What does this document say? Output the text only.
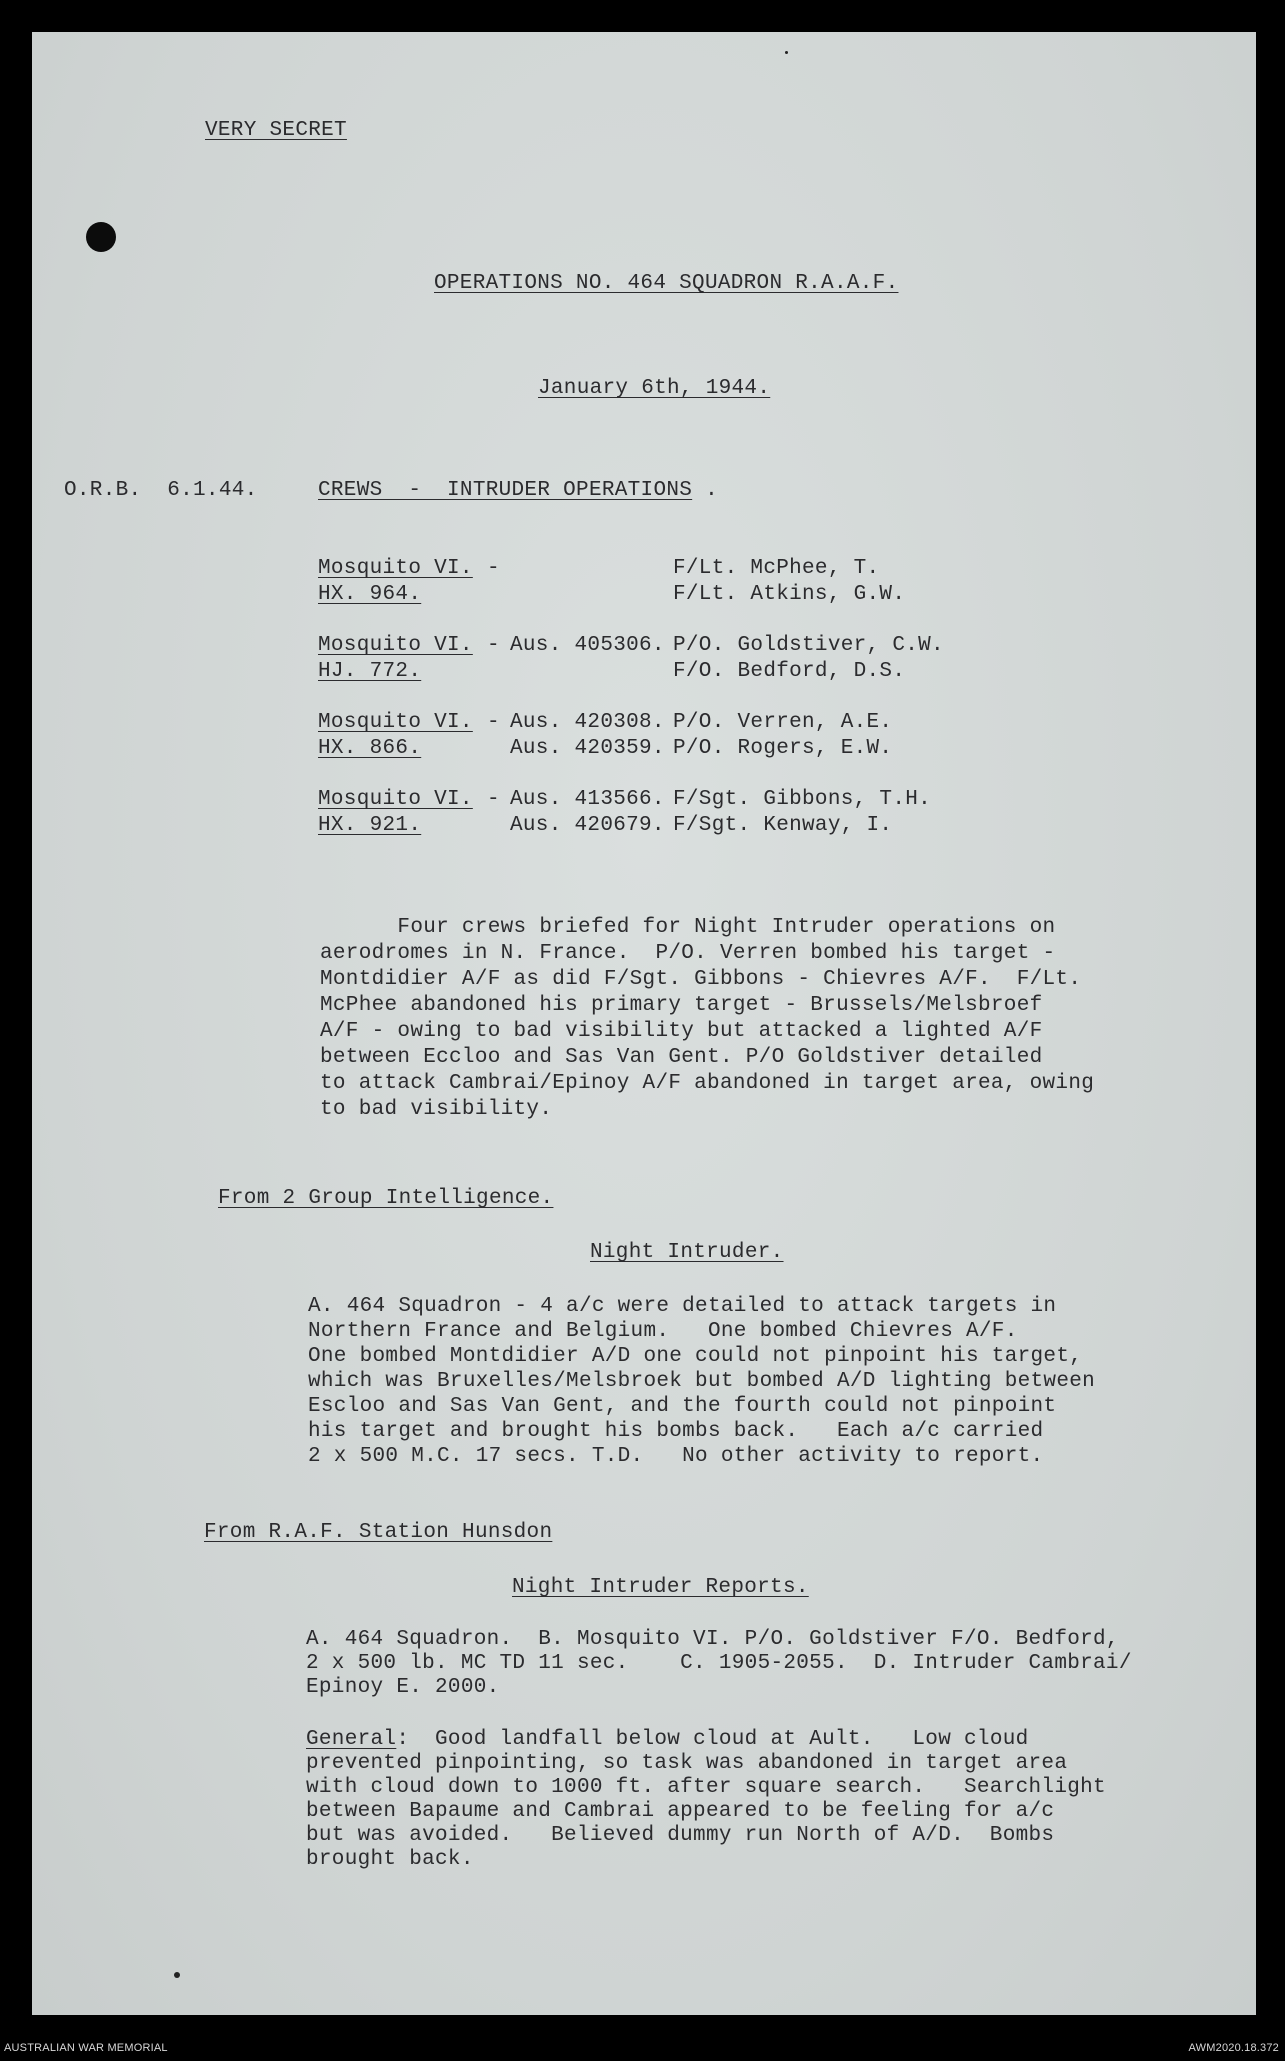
VERY SECRET
OPERATIONS NO. 464 SQUADRON R.A.A.F.
January 6th, 1944.
O.R.B.  6.1.44.	CREWS  -  INTRUDER OPERATIONS .
Mosquito VI. -	F/Lt. McPhee, T.
HX. 964.	F/Lt. Atkins, G.W.
Mosquito VI. - Aus. 405306. P/O. Goldstiver, C.W.
HJ. 772.	F/O. Bedford, D.S.
Mosquito VI. - Aus. 420308. P/O. Verren, A.E.
HX. 866.	Aus. 420359. P/O. Rogers, E.W.
Mosquito VI. - Aus. 413566. F/Sgt. Gibbons, T.H.
HX. 921.	Aus. 420679. F/Sgt. Kenway, I.
Four crews briefed for Night Intruder operations on
aerodromes in N. France.  P/O. Verren bombed his target -
Montdidier A/F as did F/Sgt. Gibbons - Chievres A/F.  F/Lt.
McPhee abandoned his primary target - Brussels/Melsbroef
A/F - owing to bad visibility but attacked a lighted A/F
between Eccloo and Sas Van Gent. P/O Goldstiver detailed
to attack Cambrai/Epinoy A/F abandoned in target area, owing
to bad visibility.
From 2 Group Intelligence.
Night Intruder.
A. 464 Squadron - 4 a/c were detailed to attack targets in
Northern France and Belgium.   One bombed Chievres A/F.
One bombed Montdidier A/D one could not pinpoint his target,
which was Bruxelles/Melsbroek but bombed A/D lighting between
Escloo and Sas Van Gent, and the fourth could not pinpoint
his target and brought his bombs back.   Each a/c carried
2 x 500 M.C. 17 secs. T.D.   No other activity to report.
From R.A.F. Station Hunsdon
Night Intruder Reports.
A. 464 Squadron.  B. Mosquito VI. P/O. Goldstiver F/O. Bedford,
2 x 500 lb. MC TD 11 sec.    C. 1905-2055.  D. Intruder Cambrai/
Epinoy E. 2000.
General:  Good landfall below cloud at Ault.   Low cloud
prevented pinpointing, so task was abandoned in target area
with cloud down to 1000 ft. after square search.   Searchlight
between Bapaume and Cambrai appeared to be feeling for a/c
but was avoided.   Believed dummy run North of A/D.  Bombs
brought back.
AUSTRALIAN WAR MEMORIAL	AWM2020.18.372
